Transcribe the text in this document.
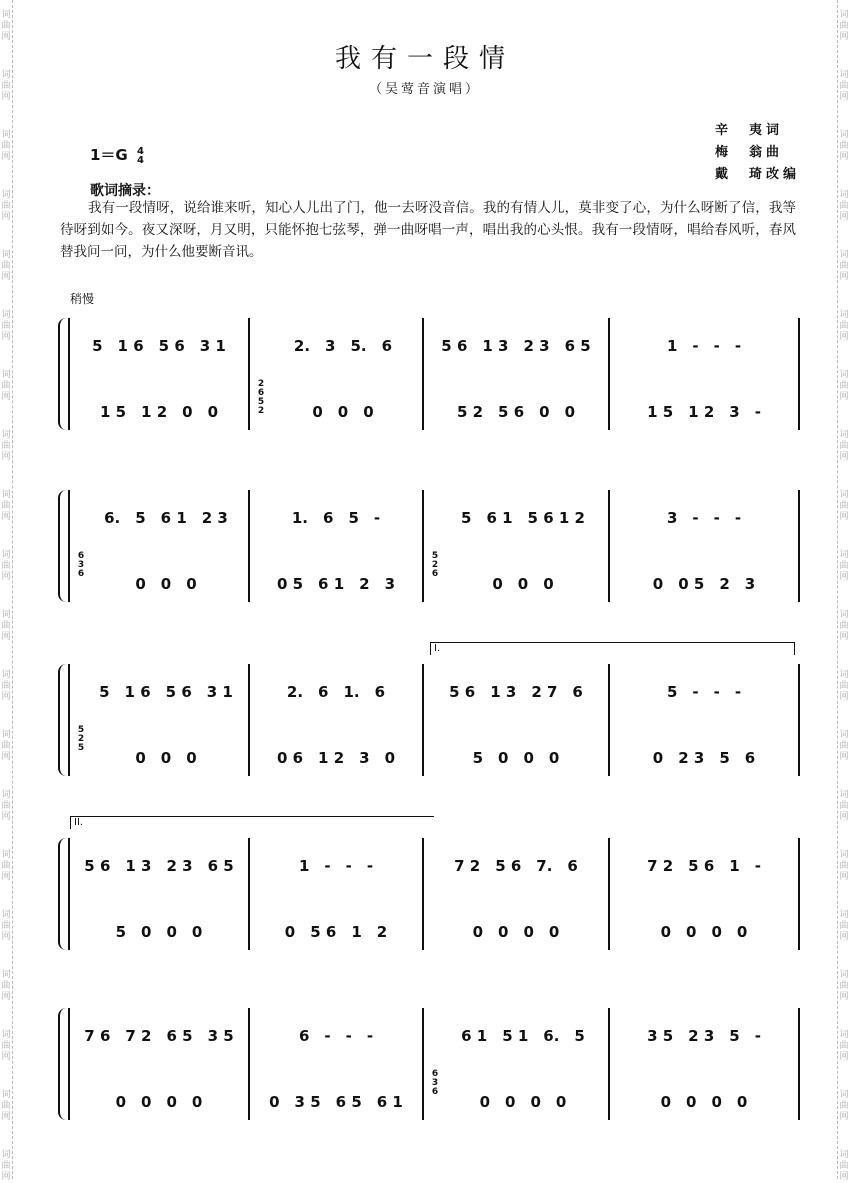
词
曲
网
词
曲
网
词
曲
网
词
曲
网
词
曲
网
词
曲
网
词
曲
网
词
曲
网
词
曲
网
词
曲
网
词
曲
网
词
曲
网
词
曲
网
词
曲
网
词
曲
网
词
曲
网
词
曲
网
词
曲
网
词
曲
网
词
曲
网
词
曲
网
词
曲
网
词
曲
网
词
曲
网
词
曲
网
词
曲
网
词
曲
网
词
曲
网
词
曲
网
词
曲
网
词
曲
网
词
曲
网
词
曲
网
词
曲
网
词
曲
网
词
曲
网
词
曲
网
词
曲
网
词
曲
网
词
曲
网
我有一段情
（吴莺音演唱）
辛　夷词
梅　翁曲
戴　琦改编
1＝G 4
4
歌词摘录：
我有一段情呀，说给谁来听，知心人儿出了门，他一去呀没音信。我的有情人儿，莫非变了心，为什么呀断了信，我等待呀到如今。夜又深呀，月又明，只能怀抱七弦琴，弹一曲呀唱一声，唱出我的心头恨。我有一段情呀，唱给春风听，春风替我问一问，为什么他要断音讯。
稍慢
5　1 6　5 6　3 1
1 5　1 2　0　0
2.　3　5.　6
0　0　0
2
6
5
2
5 6　1 3　2 3　6 5
5 2　5 6　0　0
1　-　-　-
1 5　1 2　3　-
6.　5　6 1　2 3
0　0　0
6
3
6
1.　6　5　-
0 5　6 1　2　3
5　6 1　5 6 1 2
0　0　0
5
2
6
3　-　-　-
0　0 5　2　3
5　1 6　5 6　3 1
0　0　0
5
2
5
2.　6　1.　6
0 6　1 2　3　0
5 6　1 3　2 7　6
5　0　0　0
5　-　-　-
0　2 3　5　6
I.
5 6　1 3　2 3　6 5
5　0　0　0
1　-　-　-
0　5 6　1　2
7 2　5 6　7.　6
0　0　0　0
7 2　5 6　1　-
0　0　0　0
II.
7 6　7 2　6 5　3 5
0　0　0　0
6　-　-　-
0　3 5　6 5　6 1
6 1　5 1　6.　5
0　0　0　0
6
3
6
3 5　2 3　5　-
0　0　0　0
